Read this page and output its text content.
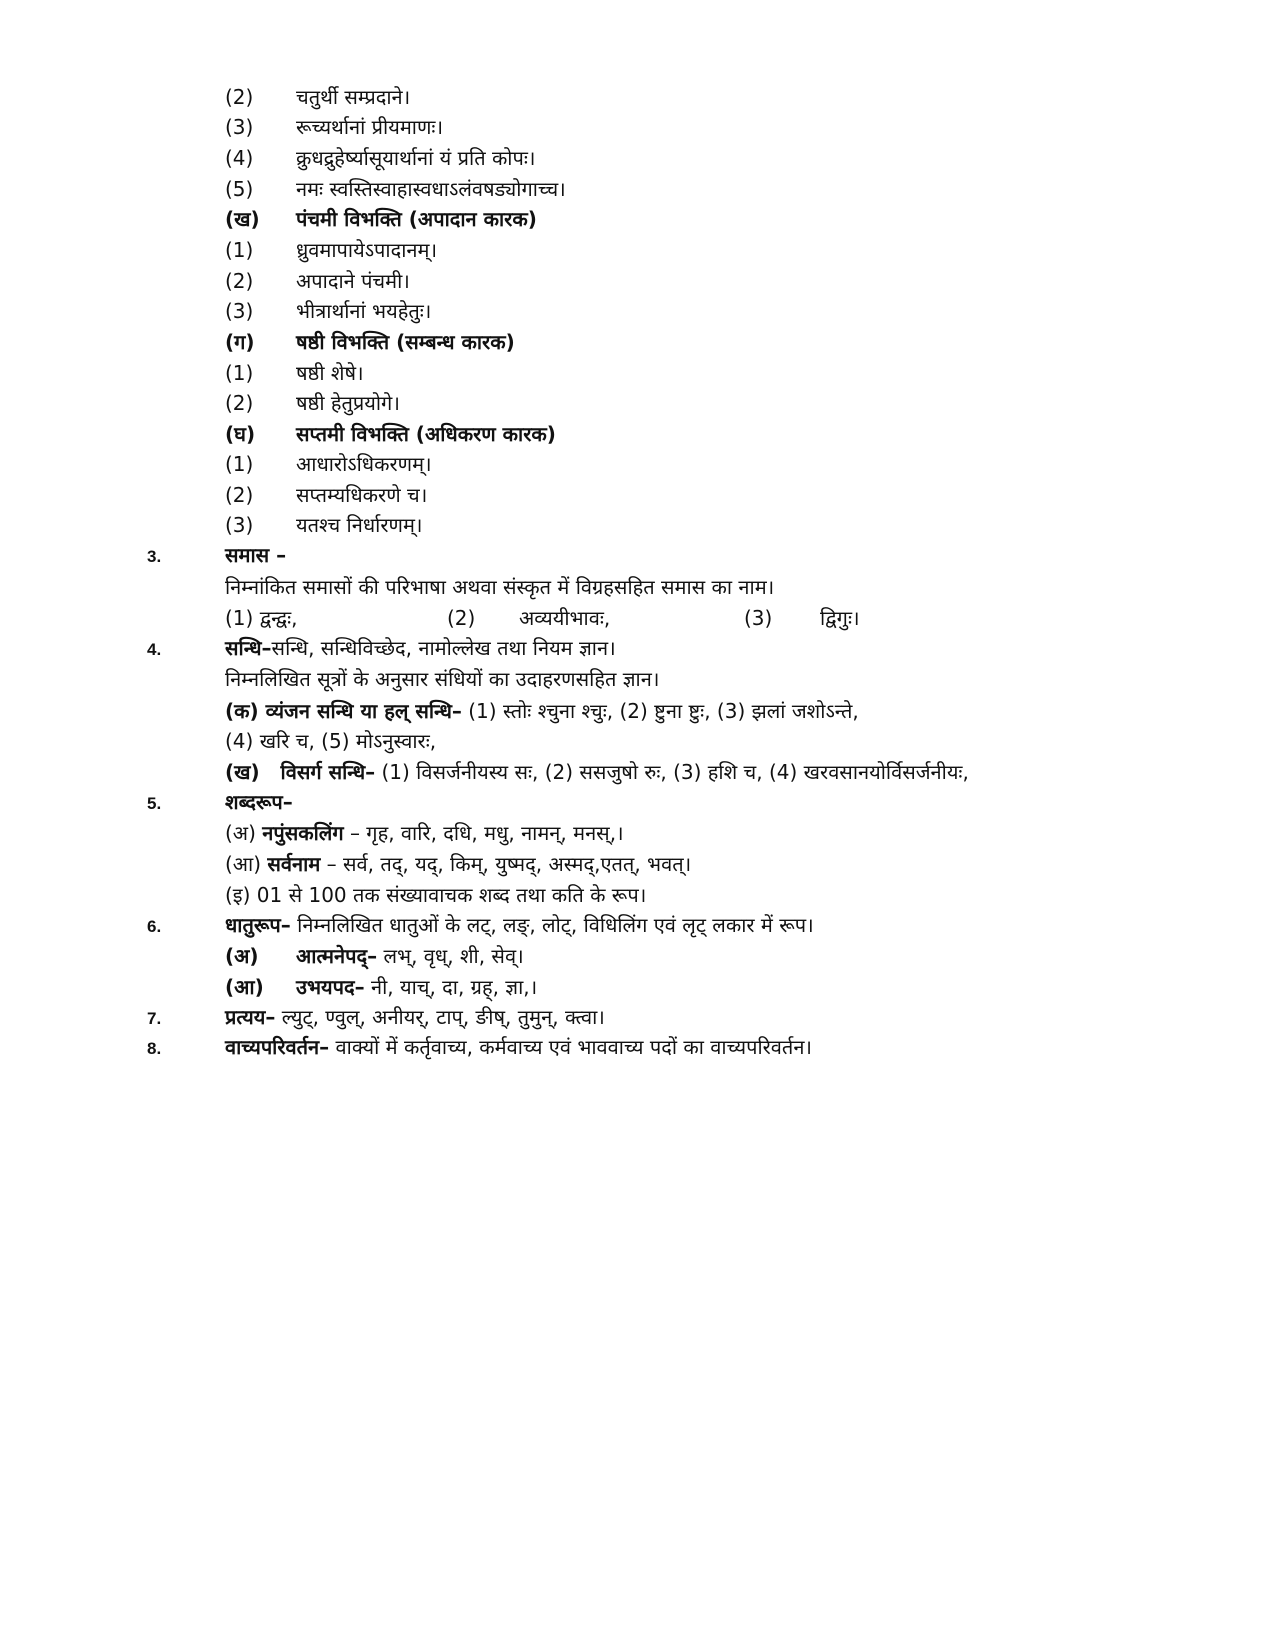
(2) चतुर्थी सम्प्रदाने।
(3) रूच्यर्थानां प्रीयमाणः।
(4) क्रुधद्रुहेर्ष्यासूयार्थानां यं प्रति कोपः।
(5) नमः स्वस्तिस्वाहास्वधाऽलंवषड्योगाच्च।
(ख) पंचमी विभक्ति (अपादान कारक)
(1) ध्रुवमापायेऽपादानम्।
(2) अपादाने पंचमी।
(3) भीत्रार्थानां भयहेतुः।
(ग) षष्ठी विभक्ति (सम्बन्ध कारक)
(1) षष्ठी शेषे।
(2) षष्ठी हेतुप्रयोगे।
(घ) सप्तमी विभक्ति (अधिकरण कारक)
(1) आधारोऽधिकरणम्।
(2) सप्तम्यधिकरणे च।
(3) यतश्च निर्धारणम्।
3.	समास –
निम्नांकित समासों की परिभाषा अथवा संस्कृत में विग्रहसहित समास का नाम।
(1) द्वन्द्वः,	(2) अव्ययीभावः,	(3) द्विगुः।
4.	सन्धि–सन्धि, सन्धिविच्छेद, नामोल्लेख तथा नियम ज्ञान।
निम्नलिखित सूत्रों के अनुसार संधियों का उदाहरणसहित ज्ञान।
(क) व्यंजन सन्धि या हल् सन्धि– (1) स्तोः श्चुना श्चुः, (2) ष्टुना ष्टुः, (3) झलां जशोऽन्ते,
(4) खरि च, (5) मोऽनुस्वारः,
(ख)   विसर्ग सन्धि– (1) विसर्जनीयस्य सः, (2) ससजुषो रुः, (3) हशि च, (4) खरवसानयोर्विसर्जनीयः,
5.	शब्दरूप–
(अ) नपुंसकलिंग – गृह, वारि, दधि, मधु, नामन्, मनस्,।
(आ) सर्वनाम – सर्व, तद्, यद्, किम्, युष्मद्, अस्मद्,एतत्, भवत्।
(इ) 01 से 100 तक संख्यावाचक शब्द तथा कति के रूप।
6.	धातुरूप– निम्नलिखित धातुओं के लट्, लङ्, लोट्, विधिलिंग एवं लृट् लकार में रूप।
(अ) आत्मनेपद्– लभ्, वृध्, शी, सेव्।
(आ) उभयपद– नी, याच्, दा, ग्रह्, ज्ञा,।
7.	प्रत्यय– ल्युट्, ण्वुल्, अनीयर्, टाप्, ङीष्, तुमुन्, क्त्वा।
8.	वाच्यपरिवर्तन– वाक्यों में कर्तृवाच्य, कर्मवाच्य एवं भाववाच्य पदों का वाच्यपरिवर्तन।
